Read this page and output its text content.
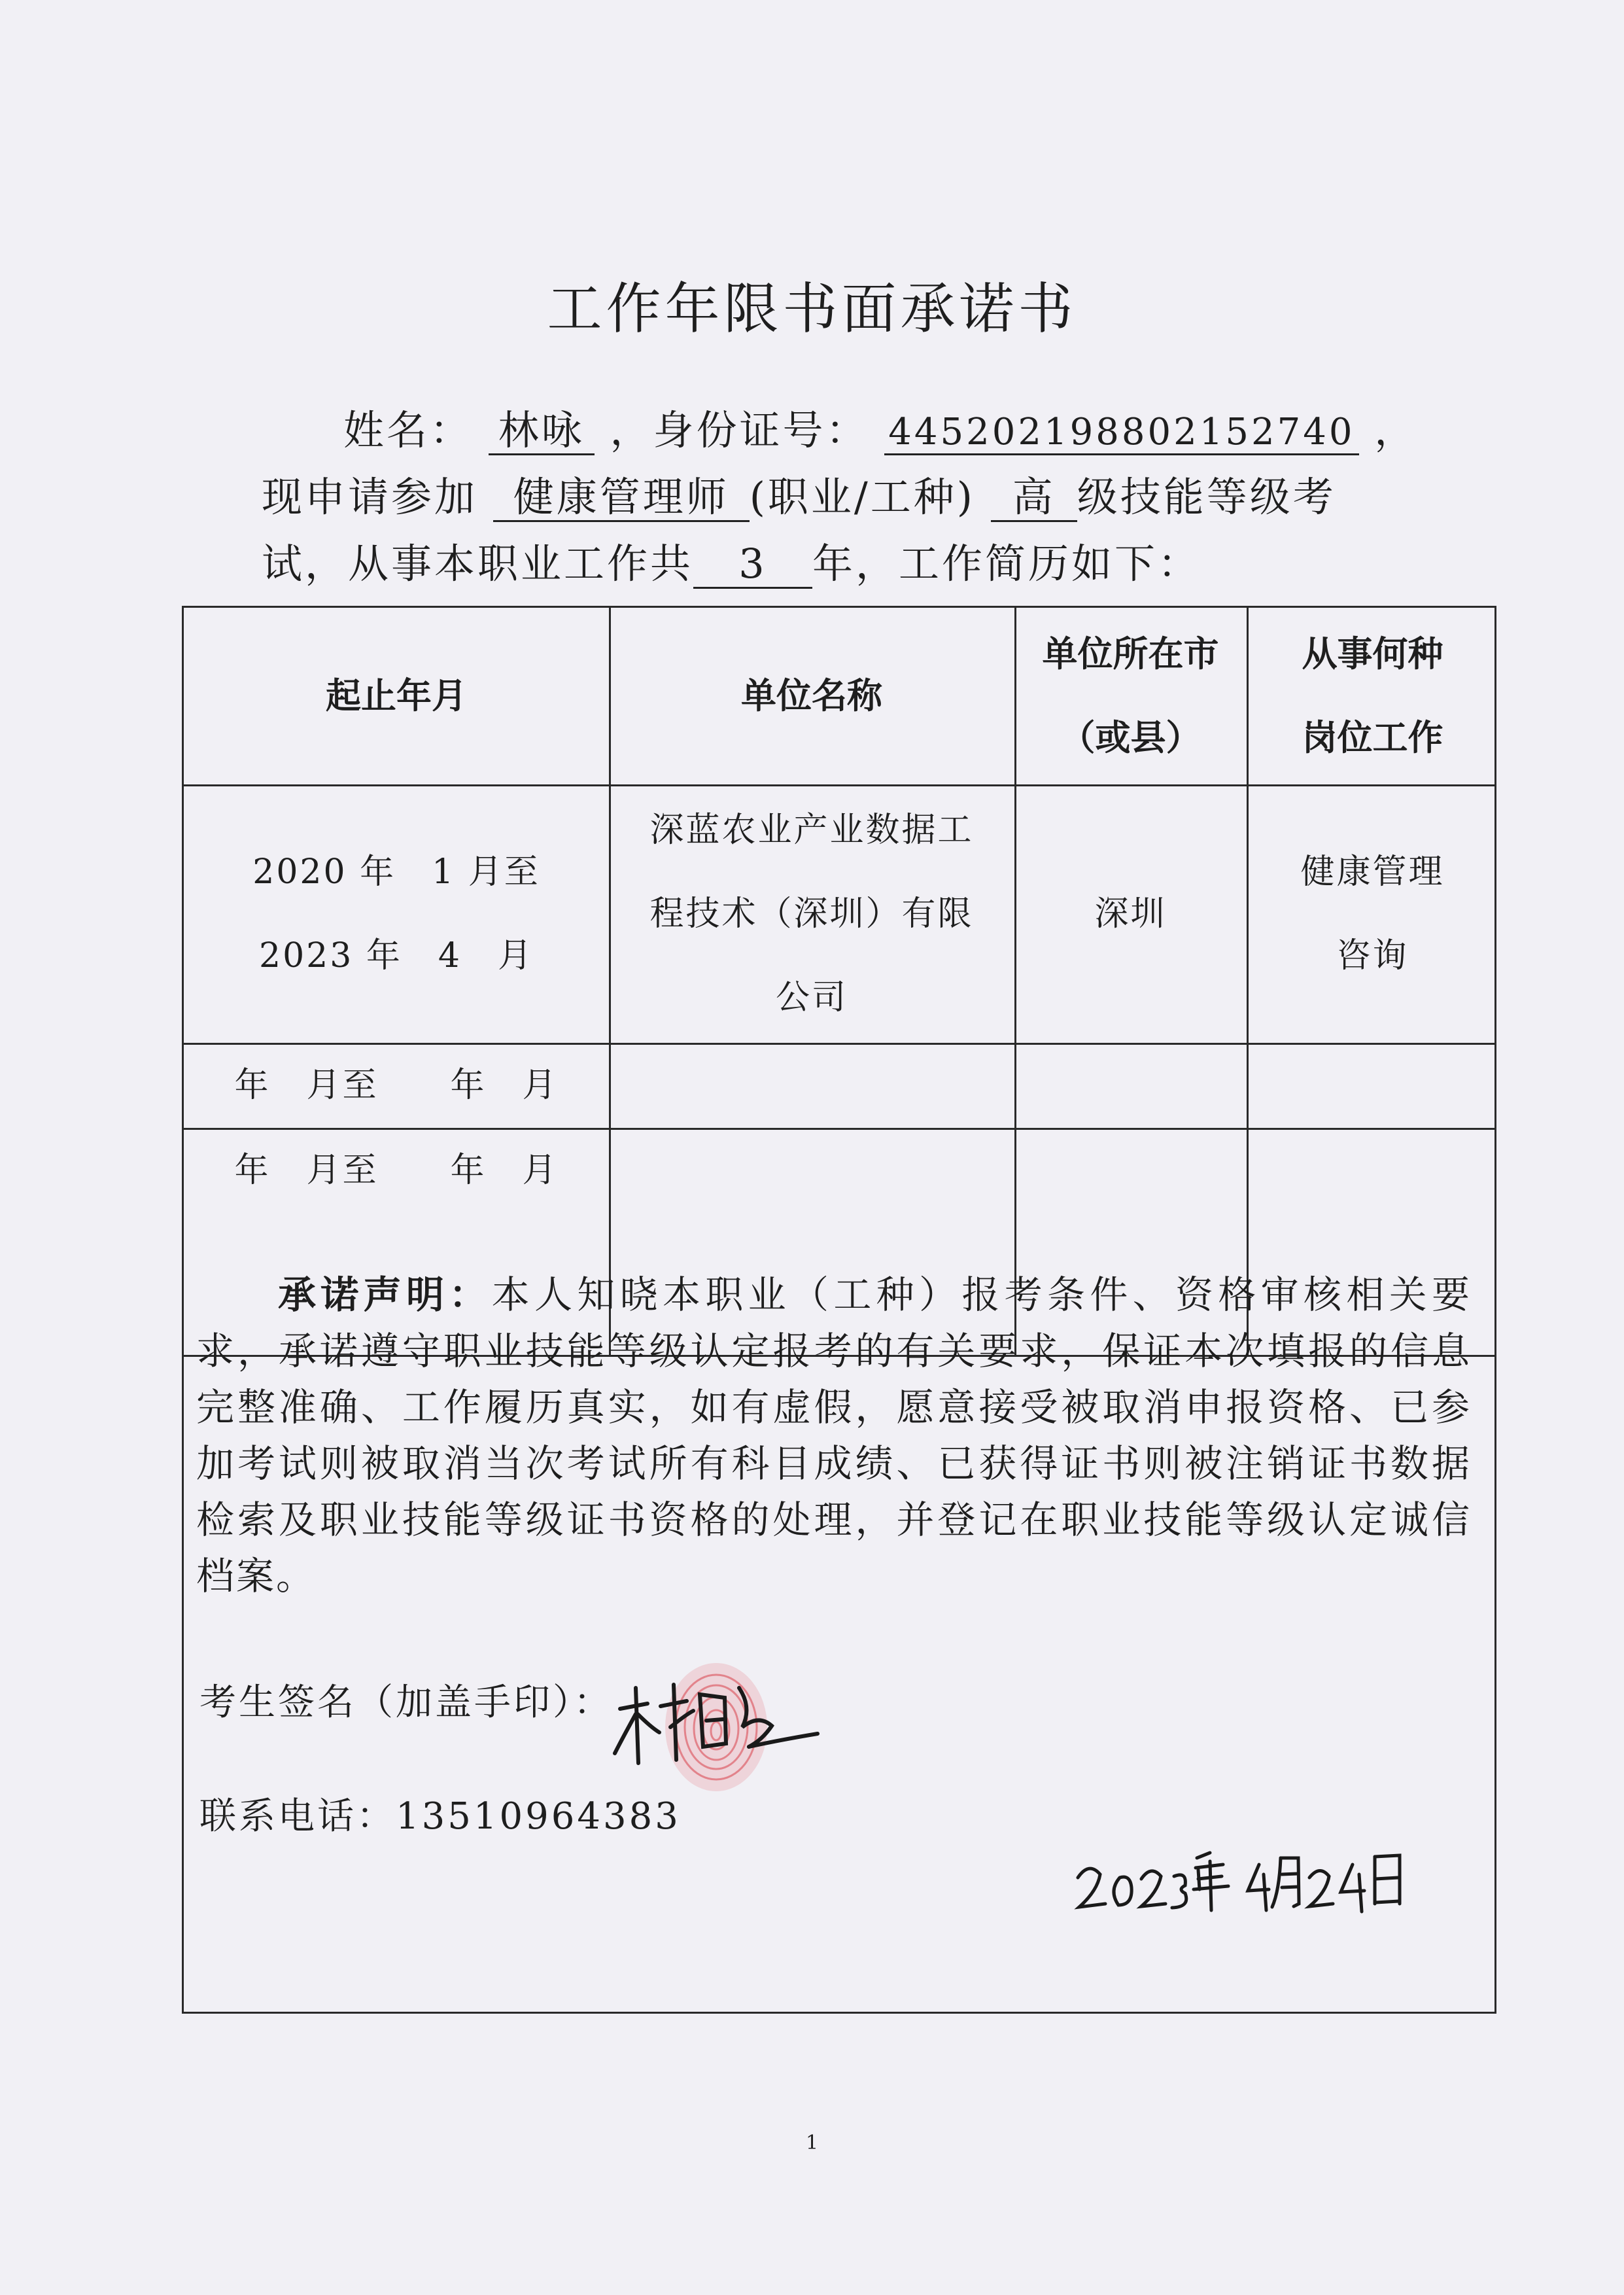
工作年限书面承诺书
姓名： 林咏 ，身份证号： 445202198802152740 ，
现申请参加 健康管理师 (职业/工种) 高 级技能等级考
试，从事本职业工作共 3 年，工作简历如下：
起止年月	单位名称
单位所在市
（或县）
从事何种
岗位工作
2020 年　1 月至
2023 年　4　月
深蓝农业产业数据工
程技术（深圳）有限
公司
深圳
健康管理
咨询
年　月至　　年　月
年　月至　　年　月
承诺声明：本人知晓本职业（工种）报考条件、资格审核相关要求，承诺遵守职业技能等级认定报考的有关要求，保证本次填报的信息完整准确、工作履历真实，如有虚假，愿意接受被取消申报资格、已参加考试则被取消当次考试所有科目成绩、已获得证书则被注销证书数据检索及职业技能等级证书资格的处理，并登记在职业技能等级认定诚信档案。
考生签名（加盖手印）：
联系电话：13510964383
1
